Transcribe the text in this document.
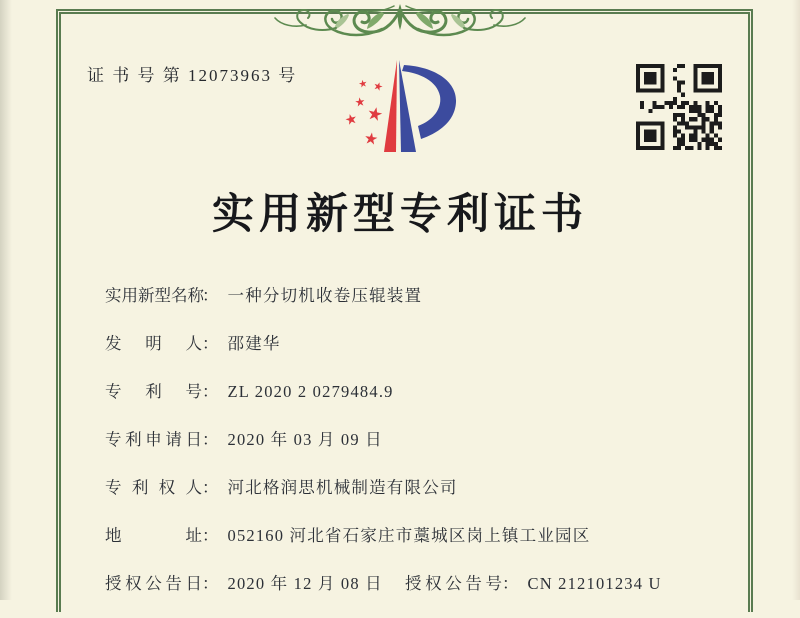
证 书 号 第 12073963 号	★ ★
★
★
★
★
实用新型专利证书
实用新型名称
： 一种分切机收卷压辊装置
发明人 ： 邵建华
专利号 ： ZL 2020 2 0279484.9
专利申请日 ： 2020 年 03 月 09 日
专利权人 ： 河北格润思机械制造有限公司
地址 ： 052160 河北省石家庄市藁城区岗上镇工业园区
授权公告日 ： 2020 年 12 月 08 日 授权公告号 ： CN 212101234 U
